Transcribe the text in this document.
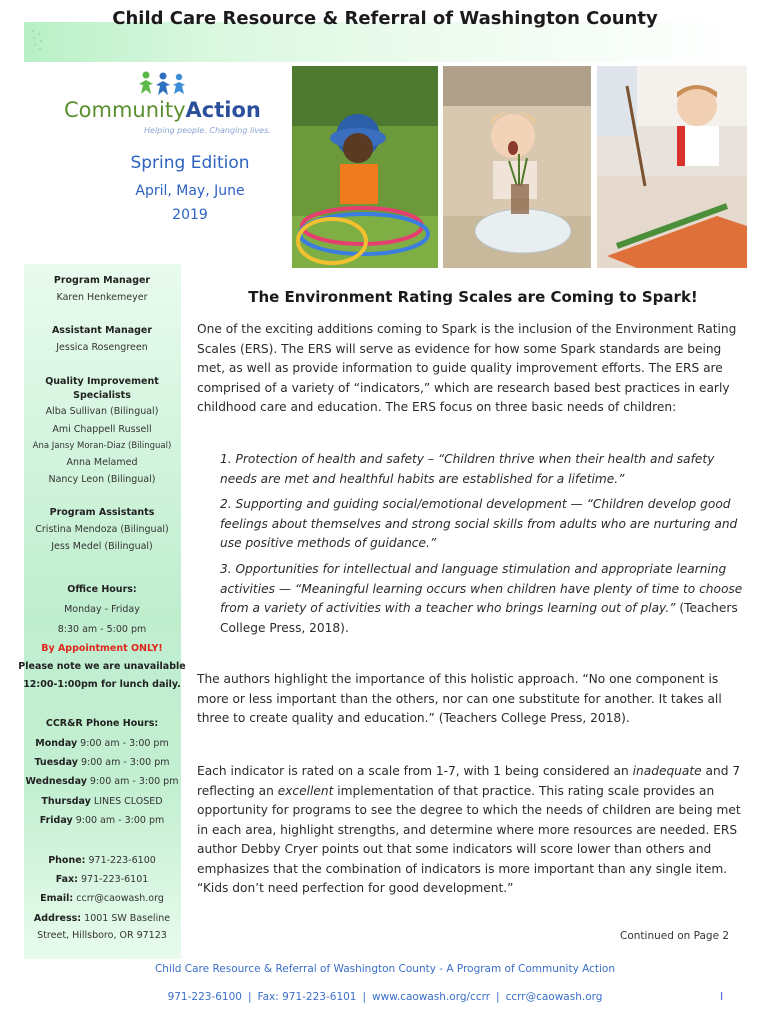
Child Care Resource & Referral of Washington County
CommunityAction
Helping people. Changing lives.
Spring Edition
April, May, June
2019
Program Manager
Karen Henkemeyer
Assistant Manager
Jessica Rosengreen
Quality Improvement
Specialists
Alba Sullivan (Bilingual)
Ami Chappell Russell
Ana Jansy Moran-Diaz (Bilingual)
Anna Melamed
Nancy Leon (Bilingual)
Program Assistants
Cristina Mendoza (Bilingual)
Jess Medel (Bilingual)
Office Hours:
Monday - Friday
8:30 am - 5:00 pm
By Appointment ONLY!
Please note we are unavailable
12:00-1:00pm for lunch daily.
CCR&R Phone Hours:
Monday 9:00 am - 3:00 pm
Tuesday 9:00 am - 3:00 pm
Wednesday 9:00 am - 3:00 pm
Thursday LINES CLOSED
Friday 9:00 am - 3:00 pm
Phone: 971-223-6100
Fax: 971-223-6101
Email: ccrr@caowash.org
Address: 1001 SW Baseline
Street, Hillsboro, OR 97123
The Environment Rating Scales are Coming to Spark!
One of the exciting additions coming to Spark is the inclusion of the Environment Rating Scales (ERS). The ERS will serve as evidence for how some Spark standards are being met, as well as provide information to guide quality improvement efforts. The ERS are comprised of a variety of “indicators,” which are research based best practices in early childhood care and education. The ERS focus on three basic needs of children:
1. Protection of health and safety – “Children thrive when their health and safety needs are met and healthful habits are established for a lifetime.”
2. Supporting and guiding social/emotional development — “Children develop good feelings about themselves and strong social skills from adults who are nurturing and use positive methods of guidance.”
3. Opportunities for intellectual and language stimulation and appropriate learning activities — “Meaningful learning occurs when children have plenty of time to choose from a variety of activities with a teacher who brings learning out of play.” (Teachers College Press, 2018).
The authors highlight the importance of this holistic approach. “No one component is more or less important than the others, nor can one substitute for another. It takes all three to create quality and education.” (Teachers College Press, 2018).
Each indicator is rated on a scale from 1-7, with 1 being considered an inadequate and 7 reflecting an excellent implementation of that practice. This rating scale provides an opportunity for programs to see the degree to which the needs of children are being met in each area, highlight strengths, and determine where more resources are needed. ERS author Debby Cryer points out that some indicators will score lower than others and emphasizes that the combination of indicators is more important than any single item. “Kids don’t need perfection for good development.”
Continued on Page 2
Child Care Resource & Referral of Washington County - A Program of Community Action
971-223-6100 | Fax: 971-223-6101 | www.caowash.org/ccrr | ccrr@caowash.org	I
